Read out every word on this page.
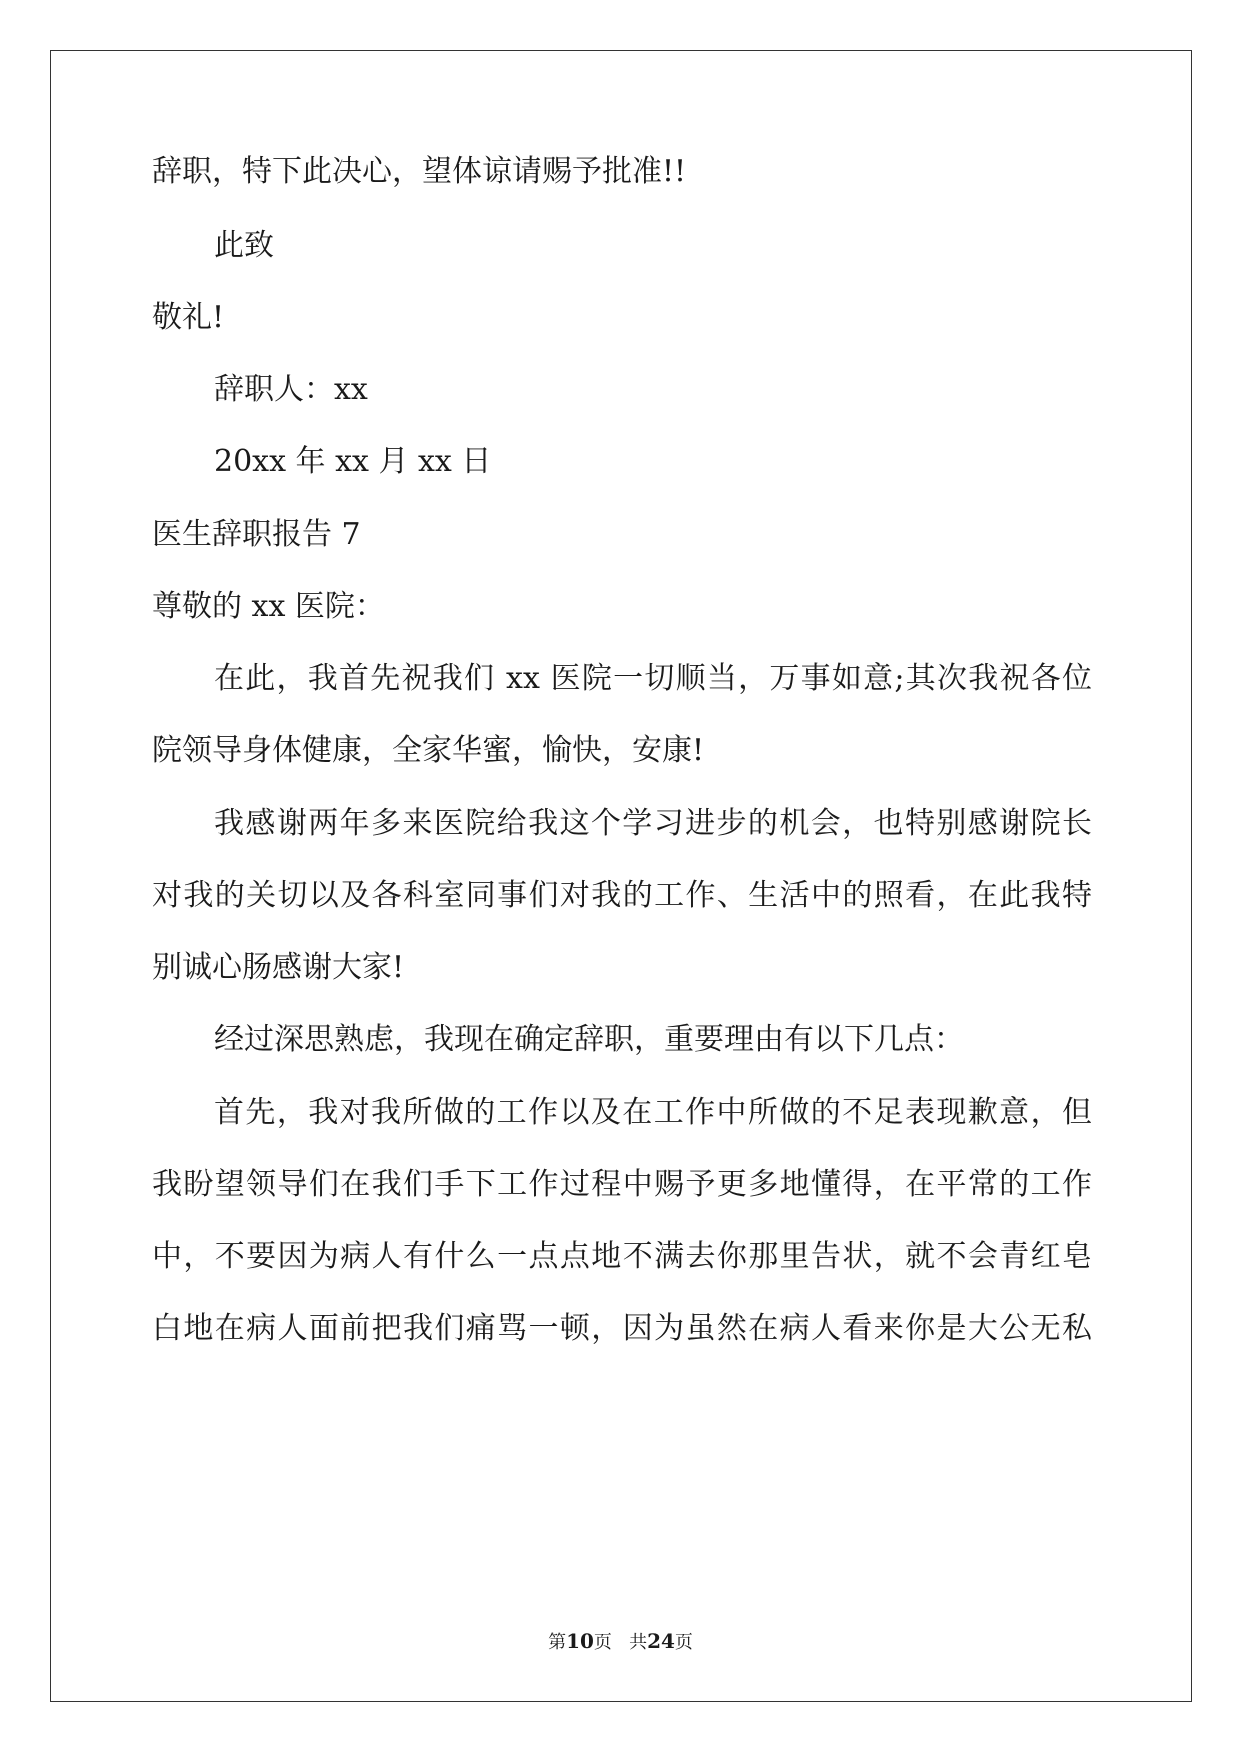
辞职，特下此决心，望体谅请赐予批准!!
此致
敬礼!
辞职人：xx
20xx 年 xx 月 xx 日
医生辞职报告 7
尊敬的 xx 医院：
在此，我首先祝我们 xx 医院一切顺当，万事如意;其次我祝各位
院领导身体健康，全家华蜜，愉快，安康!
我感谢两年多来医院给我这个学习进步的机会，也特别感谢院长
对我的关切以及各科室同事们对我的工作、生活中的照看，在此我特
别诚心肠感谢大家!
经过深思熟虑，我现在确定辞职，重要理由有以下几点：
首先，我对我所做的工作以及在工作中所做的不足表现歉意，但
我盼望领导们在我们手下工作过程中赐予更多地懂得，在平常的工作
中，不要因为病人有什么一点点地不满去你那里告状，就不会青红皂
白地在病人面前把我们痛骂一顿，因为虽然在病人看来你是大公无私
第10页   共24页
